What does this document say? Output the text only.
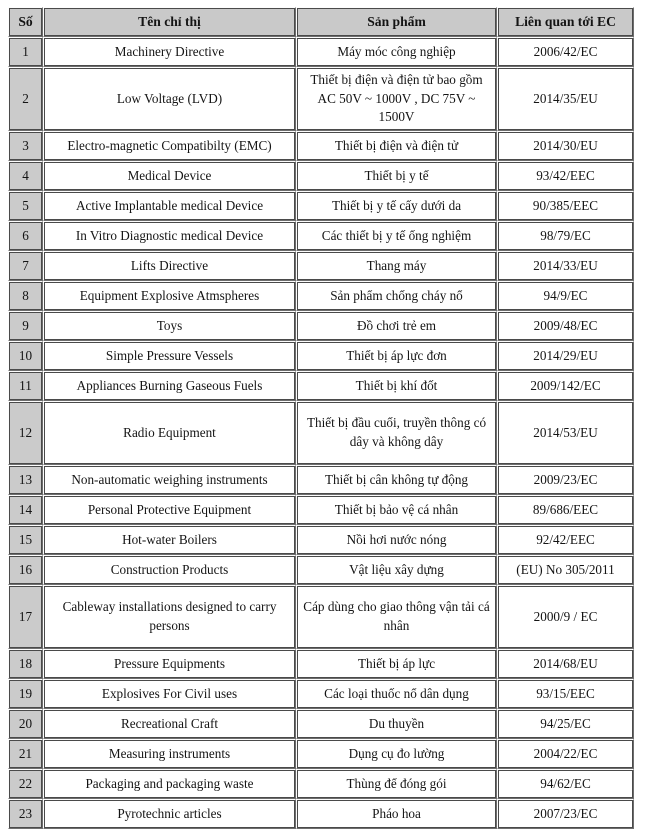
Số	Tên chỉ thị	Sản phẩm	Liên quan tới EC
1	Machinery Directive	Máy móc công nghiệp	2006/42/EC
2	Low Voltage (LVD)	Thiết bị điện và điện tử bao gồm AC 50V ~ 1000V , DC 75V ~ 1500V	2014/35/EU
3	Electro-magnetic Compatibilty (EMC)	Thiết bị điện và điện tử	2014/30/EU
4	Medical Device	Thiết bị y tế	93/42/EEC
5	Active Implantable medical Device	Thiết bị y tế cấy dưới da	90/385/EEC
6	In Vitro Diagnostic medical Device	Các thiết bị y tế ống nghiệm	98/79/EC
7	Lifts Directive	Thang máy	2014/33/EU
8	Equipment Explosive Atmspheres	Sản phẩm chống cháy nổ	94/9/EC
9	Toys	Đồ chơi trẻ em	2009/48/EC
10	Simple Pressure Vessels	Thiết bị áp lực đơn	2014/29/EU
11	Appliances Burning Gaseous Fuels	Thiết bị khí đốt	2009/142/EC
12	Radio Equipment	Thiết bị đầu cuối, truyền thông có dây và không dây	2014/53/EU
13	Non-automatic weighing instruments	Thiết bị cân không tự động	2009/23/EC
14	Personal Protective Equipment	Thiết bị bảo vệ cá nhân	89/686/EEC
15	Hot-water Boilers	Nồi hơi nước nóng	92/42/EEC
16	Construction Products	Vật liệu xây dựng	(EU) No 305/2011
17	Cableway installations designed to carry persons	Cáp dùng cho giao thông vận tải cá nhân	2000/9 / EC
18	Pressure Equipments	Thiết bị áp lực	2014/68/EU
19	Explosives For Civil uses	Các loại thuốc nổ dân dụng	93/15/EEC
20	Recreational Craft	Du thuyền	94/25/EC
21	Measuring instruments	Dụng cụ đo lường	2004/22/EC
22	Packaging and packaging waste	Thùng để đóng gói	94/62/EC
23	Pyrotechnic articles	Pháo hoa	2007/23/EC
